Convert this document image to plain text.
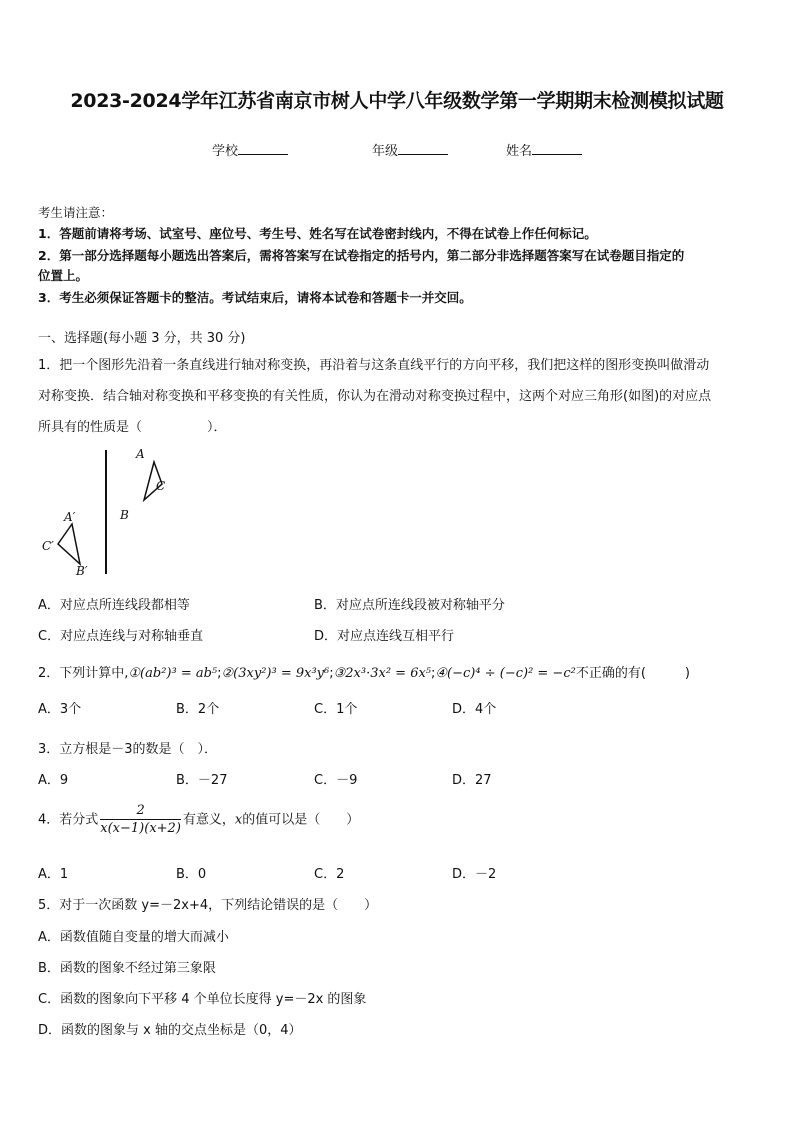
2023-2024学年江苏省南京市树人中学八年级数学第一学期期末检测模拟试题
学校	年级	姓名
考生请注意：
1．答题前请将考场、试室号、座位号、考生号、姓名写在试卷密封线内，不得在试卷上作任何标记。
2．第一部分选择题每小题选出答案后，需将答案写在试卷指定的括号内，第二部分非选择题答案写在试卷题目指定的
位置上。
3．考生必须保证答题卡的整洁。考试结束后，请将本试卷和答题卡一并交回。
一、选择题(每小题 3 分，共 30 分)
1．把一个图形先沿着一条直线进行轴对称变换，再沿着与这条直线平行的方向平移，我们把这样的图形变换叫做滑动
对称变换．结合轴对称变换和平移变换的有关性质，你认为在滑动对称变换过程中，这两个对应三角形(如图)的对应点
所具有的性质是（　　　　　）．
A
C
B
A′
C′
B′
A．对应点所连线段都相等	B．对应点所连线段被对称轴平分
C．对应点连线与对称轴垂直	D．对应点连线互相平行
2．下列计算中,①(ab²)³ = ab⁵;②(3xy²)³ = 9x³y⁶;③2x³·3x² = 6x⁵;④(−c)⁴ ÷ (−c)² = −c²不正确的有(　　　)
A．3个	B．2个	C．1个	D．4个
3．立方根是－3的数是（　）．
A．9	B．－27	C．－9	D．27
4．若分式 $\frac{2}{x(x-1)(x+2)}$ 有意义，x的值可以是（　　）
A．1	B．0	C．2	D．－2
5．对于一次函数 y=－2x+4，下列结论错误的是（　　）
A．函数值随自变量的增大而减小
B．函数的图象不经过第三象限
C．函数的图象向下平移 4 个单位长度得 y=－2x 的图象
D．函数的图象与 x 轴的交点坐标是（0，4）
